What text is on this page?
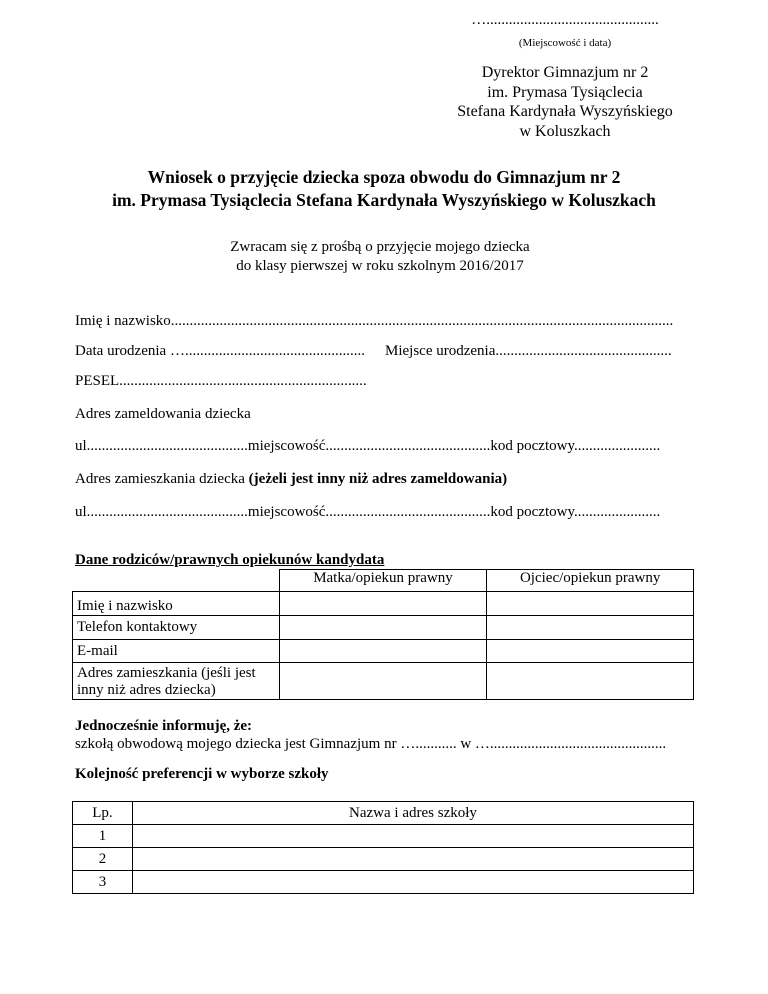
…..............................................
(Miejscowość i data)
Dyrektor Gimnazjum nr 2
im. Prymasa Tysiąclecia
Stefana Kardynała Wyszyńskiego
w Koluszkach
Wniosek o przyjęcie dziecka spoza obwodu do Gimnazjum nr 2
im. Prymasa Tysiąclecia Stefana Kardynała Wyszyńskiego w Koluszkach
Zwracam się z prośbą o przyjęcie mojego dziecka
do klasy pierwszej w roku szkolnym 2016/2017
Imię i nazwisko......................................................................................................................................
Data urodzenia …................................................ Miejsce urodzenia...............................................
PESEL..................................................................
Adres zameldowania dziecka
ul...........................................miejscowość............................................kod pocztowy.......................
Adres zamieszkania dziecka (jeżeli jest inny niż adres zameldowania)
ul...........................................miejscowość............................................kod pocztowy.......................
Dane rodziców/prawnych opiekunów kandydata
	Matka/opiekun prawny	Ojciec/opiekun prawny
Imię i nazwisko		
Telefon kontaktowy		
E-mail		
Adres zamieszkania (jeśli jest inny niż adres dziecka)		
Jednocześnie informuję, że:
szkołą obwodową mojego dziecka jest Gimnazjum nr …........... w …...............................................
Kolejność preferencji w wyborze szkoły
Lp.	Nazwa i adres szkoły
1	
2	
3	
